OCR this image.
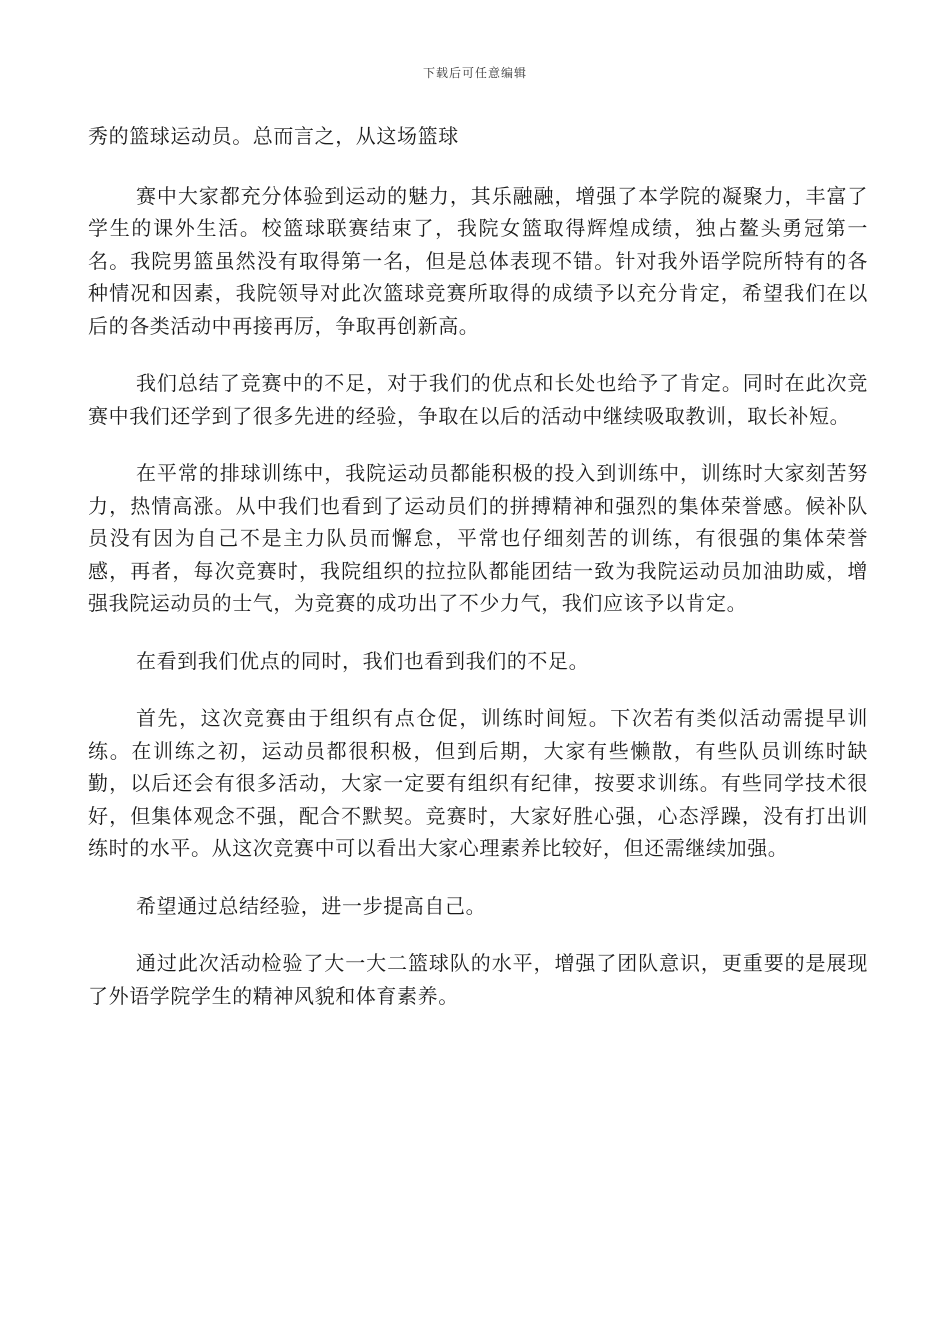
下载后可任意编辑

秀的篮球运动员。总而言之，从这场篮球

赛中大家都充分体验到运动的魅力，其乐融融，增强了本学院的凝聚力，丰富了学生的课外生活。校篮球联赛结束了，我院女篮取得辉煌成绩，独占鳌头勇冠第一名。我院男篮虽然没有取得第一名，但是总体表现不错。针对我外语学院所特有的各种情况和因素，我院领导对此次篮球竞赛所取得的成绩予以充分肯定，希望我们在以后的各类活动中再接再厉，争取再创新高。

我们总结了竞赛中的不足，对于我们的优点和长处也给予了肯定。同时在此次竞赛中我们还学到了很多先进的经验，争取在以后的活动中继续吸取教训，取长补短。

在平常的排球训练中，我院运动员都能积极的投入到训练中，训练时大家刻苦努力，热情高涨。从中我们也看到了运动员们的拼搏精神和强烈的集体荣誉感。候补队员没有因为自己不是主力队员而懈怠，平常也仔细刻苦的训练，有很强的集体荣誉感，再者，每次竞赛时，我院组织的拉拉队都能团结一致为我院运动员加油助威，增强我院运动员的士气，为竞赛的成功出了不少力气，我们应该予以肯定。

在看到我们优点的同时，我们也看到我们的不足。

首先，这次竞赛由于组织有点仓促，训练时间短。下次若有类似活动需提早训练。在训练之初，运动员都很积极，但到后期，大家有些懒散，有些队员训练时缺勤，以后还会有很多活动，大家一定要有组织有纪律，按要求训练。有些同学技术很好，但集体观念不强，配合不默契。竞赛时，大家好胜心强，心态浮躁，没有打出训练时的水平。从这次竞赛中可以看出大家心理素养比较好，但还需继续加强。

希望通过总结经验，进一步提高自己。

通过此次活动检验了大一大二篮球队的水平，增强了团队意识，更重要的是展现了外语学院学生的精神风貌和体育素养。
